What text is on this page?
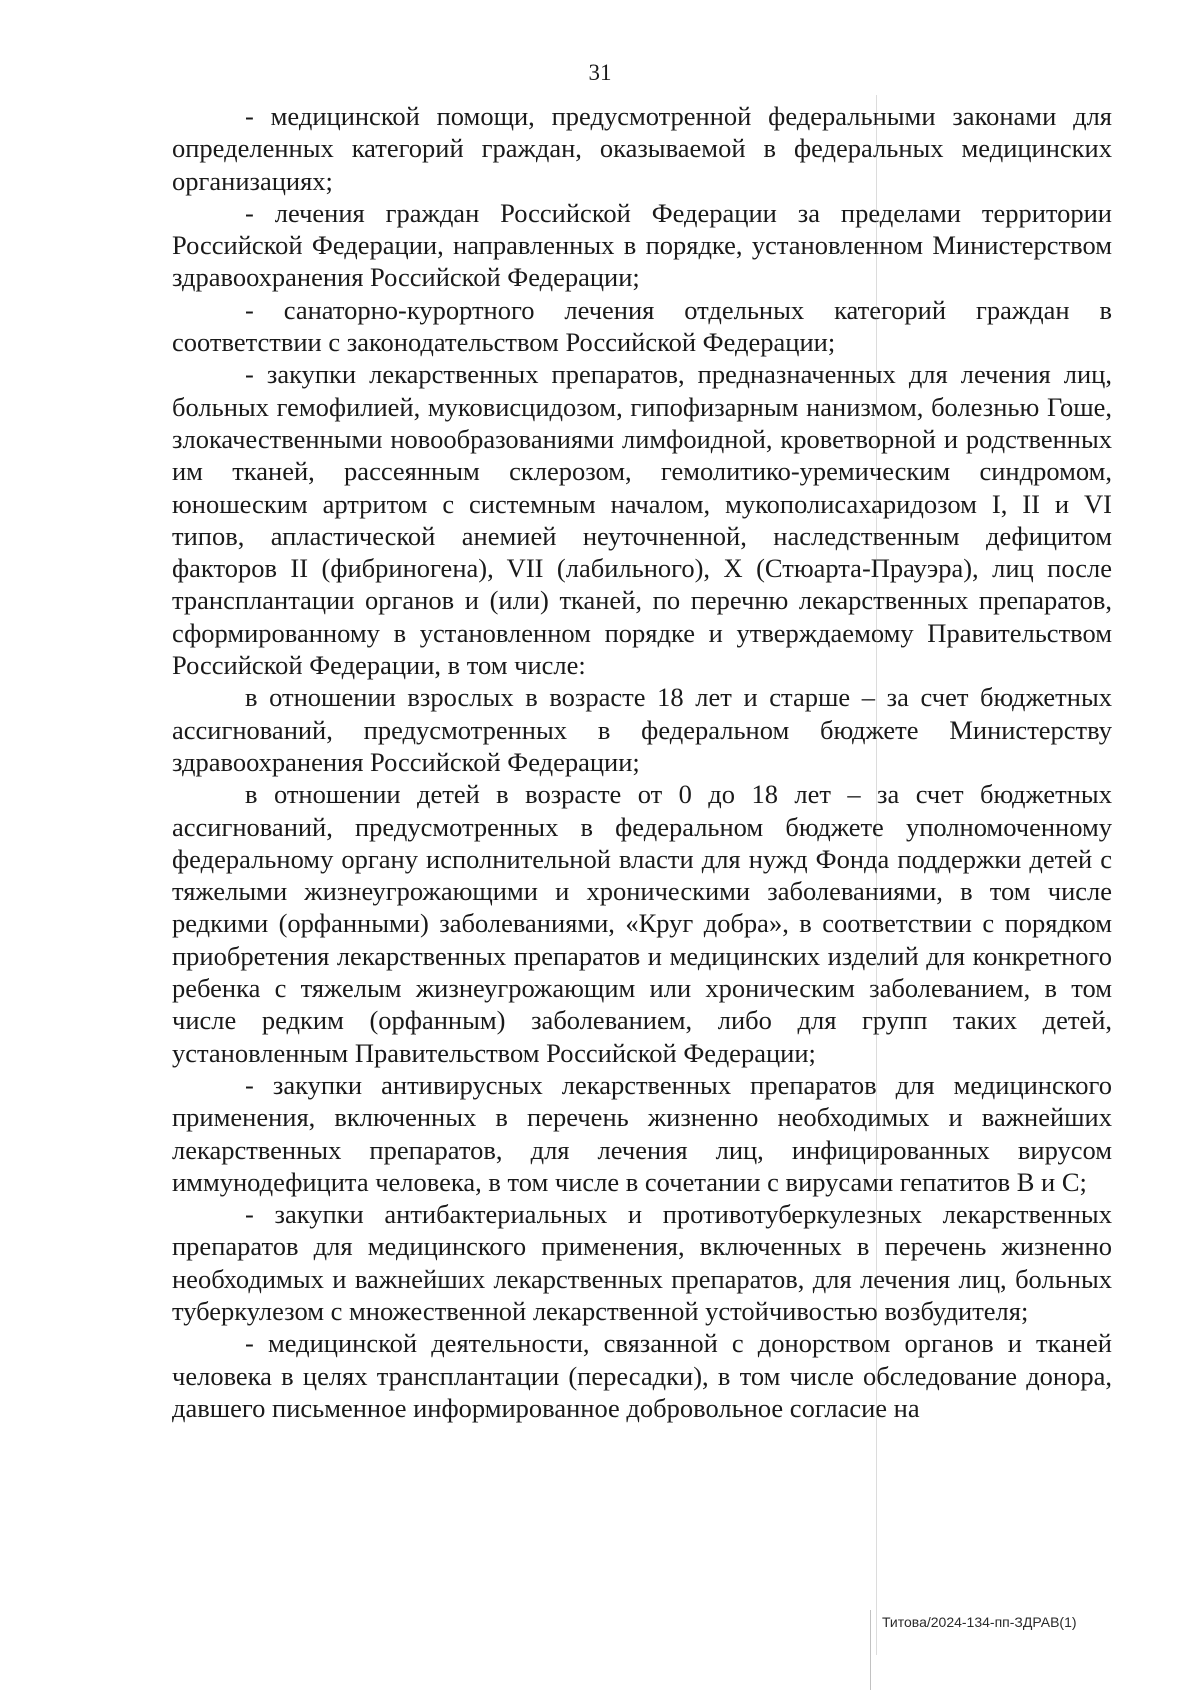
31

- медицинской помощи, предусмотренной федеральными законами для определенных категорий граждан, оказываемой в федеральных медицинских организациях;

- лечения граждан Российской Федерации за пределами территории Российской Федерации, направленных в порядке, установленном Министерством здравоохранения Российской Федерации;

- санаторно-курортного лечения отдельных категорий граждан в соответствии с законодательством Российской Федерации;

- закупки лекарственных препаратов, предназначенных для лечения лиц, больных гемофилией, муковисцидозом, гипофизарным нанизмом, болезнью Гоше, злокачественными новообразованиями лимфоидной, кроветворной и родственных им тканей, рассеянным склерозом, гемолитико-уремическим синдромом, юношеским артритом с системным началом, мукополисахаридозом I, II и VI типов, апластической анемией неуточненной, наследственным дефицитом факторов II (фибриногена), VII (лабильного), X (Стюарта-Прауэра), лиц после трансплантации органов и (или) тканей, по перечню лекарственных препаратов, сформированному в установленном порядке и утверждаемому Правительством Российской Федерации, в том числе:

в отношении взрослых в возрасте 18 лет и старше – за счет бюджетных ассигнований, предусмотренных в федеральном бюджете Министерству здравоохранения Российской Федерации;

в отношении детей в возрасте от 0 до 18 лет – за счет бюджетных ассигнований, предусмотренных в федеральном бюджете уполномоченному федеральному органу исполнительной власти для нужд Фонда поддержки детей с тяжелыми жизнеугрожающими и хроническими заболеваниями, в том числе редкими (орфанными) заболеваниями, «Круг добра», в соответствии с порядком приобретения лекарственных препаратов и медицинских изделий для конкретного ребенка с тяжелым жизнеугрожающим или хроническим заболеванием, в том числе редким (орфанным) заболеванием, либо для групп таких детей, установленным Правительством Российской Федерации;

- закупки антивирусных лекарственных препаратов для медицинского применения, включенных в перечень жизненно необходимых и важнейших лекарственных препаратов, для лечения лиц, инфицированных вирусом иммунодефицита человека, в том числе в сочетании с вирусами гепатитов B и C;

- закупки антибактериальных и противотуберкулезных лекарственных препаратов для медицинского применения, включенных в перечень жизненно необходимых и важнейших лекарственных препаратов, для лечения лиц, больных туберкулезом с множественной лекарственной устойчивостью возбудителя;

- медицинской деятельности, связанной с донорством органов и тканей человека в целях трансплантации (пересадки), в том числе обследование донора, давшего письменное информированное добровольное согласие на

Титова/2024-134-пп-ЗДРАВ(1)
